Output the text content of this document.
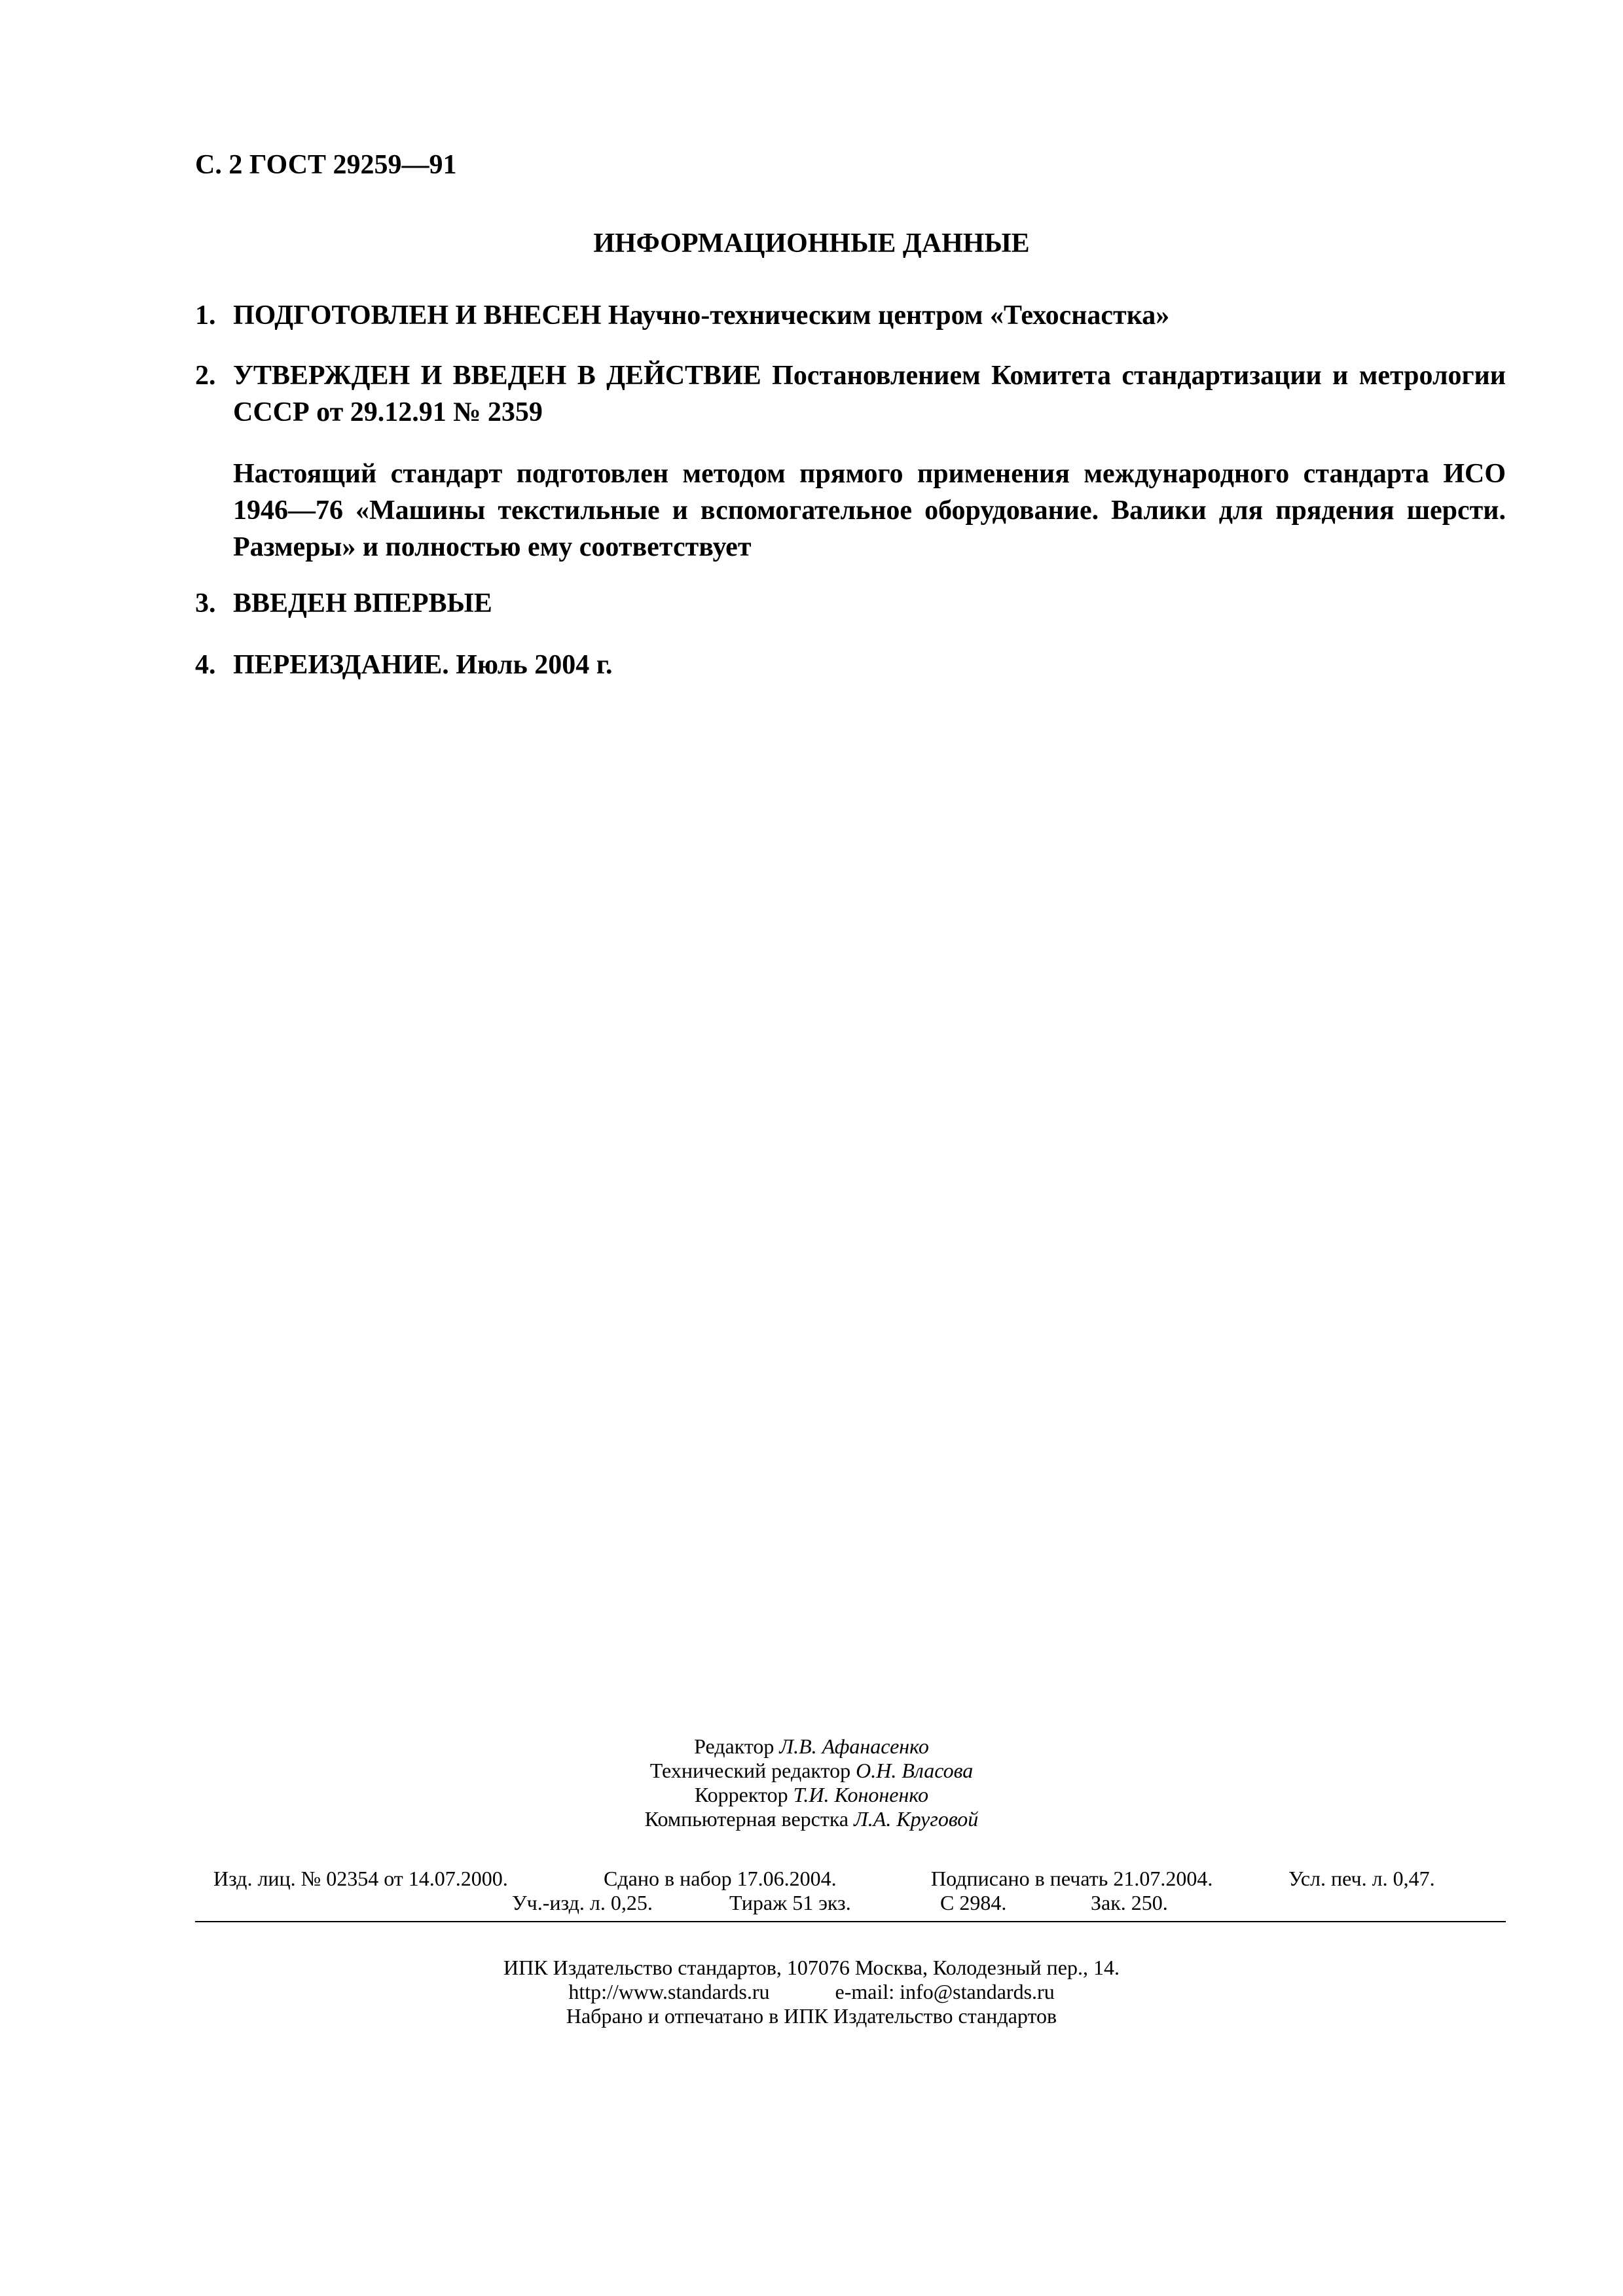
С. 2 ГОСТ 29259—91
ИНФОРМАЦИОННЫЕ ДАННЫЕ
1. ПОДГОТОВЛЕН И ВНЕСЕН Научно-техническим центром «Техоснастка»
2. УТВЕРЖДЕН И ВВЕДЕН В ДЕЙСТВИЕ Постановлением Комитета стандартизации и метрологии СССР от 29.12.91 № 2359
Настоящий стандарт подготовлен методом прямого применения международного стандарта ИСО 1946—76 «Машины текстильные и вспомогательное оборудование. Валики для прядения шерсти. Размеры» и полностью ему соответствует
3. ВВЕДЕН ВПЕРВЫЕ
4. ПЕРЕИЗДАНИЕ. Июль 2004 г.
Редактор Л.В. Афанасенко
Технический редактор О.Н. Власова
Корректор Т.И. Кононенко
Компьютерная верстка Л.А. Круговой
Изд. лиц. № 02354 от 14.07.2000.	Сдано в набор 17.06.2004.	Подписано в печать 21.07.2004.	Усл. печ. л. 0,47.
Уч.-изд. л. 0,25.	Тираж 51 экз.	С 2984.	Зак. 250.
ИПК Издательство стандартов, 107076 Москва, Колодезный пер., 14.
http://www.standards.ru	e-mail: info@standards.ru
Набрано и отпечатано в ИПК Издательство стандартов
